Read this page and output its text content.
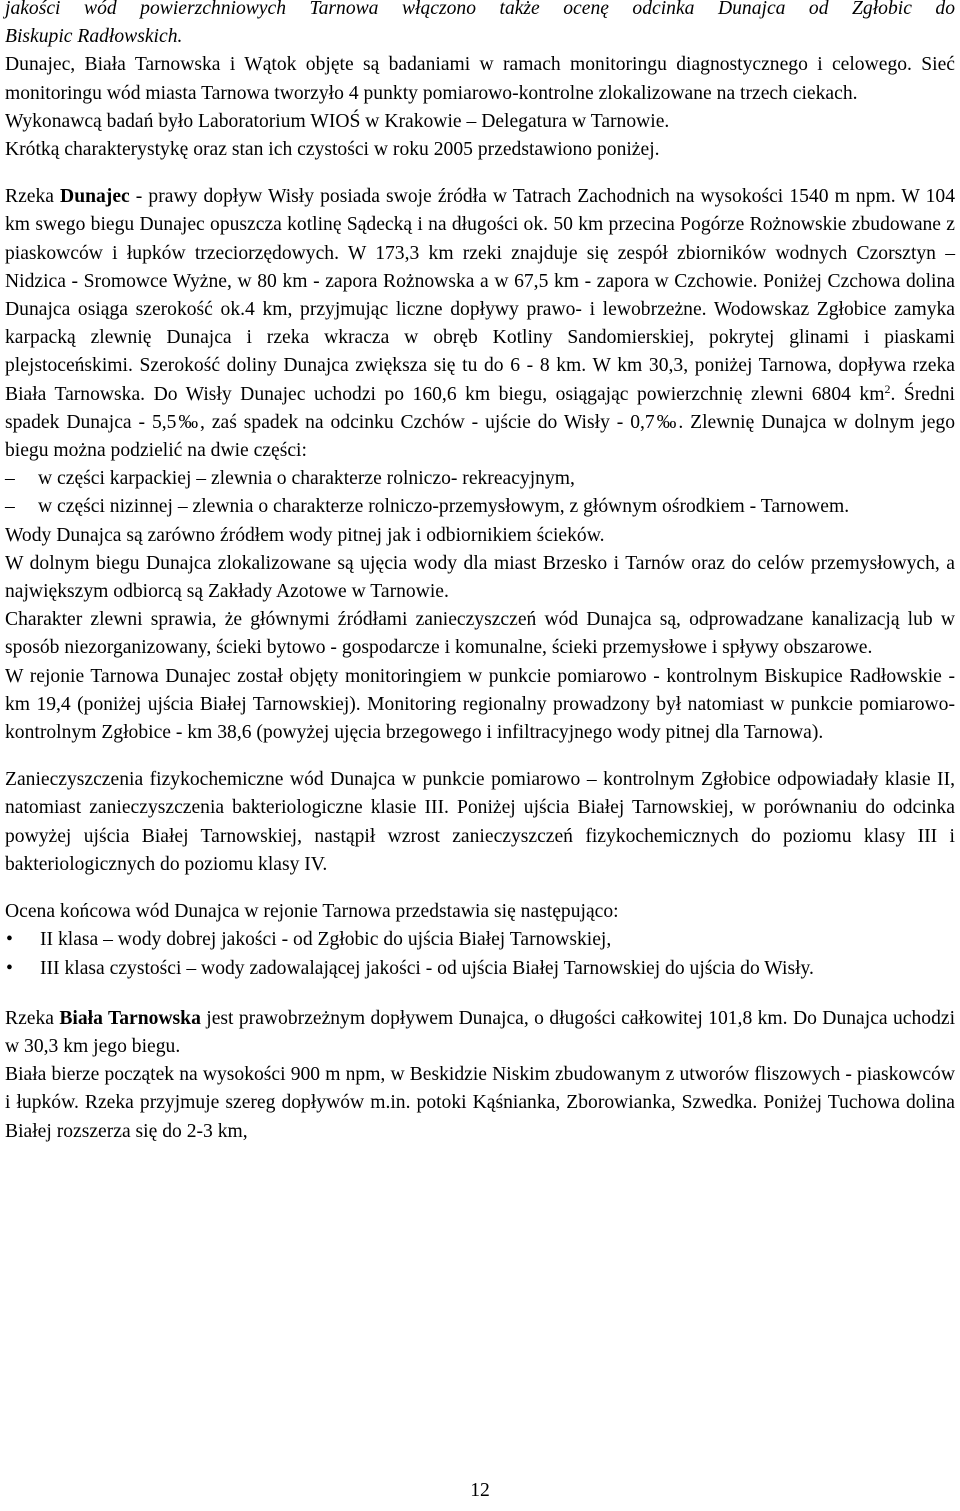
jakości wód powierzchniowych Tarnowa włączono także ocenę odcinka Dunajca od Zgłobic do

Biskupic Radłowskich.

Dunajec, Biała Tarnowska i Wątok objęte są badaniami w ramach monitoringu diagnostycznego i celowego. Sieć monitoringu wód miasta Tarnowa tworzyło 4 punkty pomiarowo-kontrolne zlokalizowane na trzech ciekach.

Wykonawcą badań było Laboratorium WIOŚ w Krakowie – Delegatura w Tarnowie.

Krótką charakterystykę oraz stan ich czystości w roku 2005 przedstawiono poniżej.

Rzeka Dunajec - prawy dopływ Wisły posiada swoje źródła w Tatrach Zachodnich na wysokości 1540 m npm. W 104 km swego biegu Dunajec opuszcza kotlinę Sądecką i na długości ok. 50 km przecina Pogórze Rożnowskie zbudowane z piaskowców i łupków trzeciorzędowych. W 173,3 km rzeki znajduje się zespół zbiorników wodnych Czorsztyn – Nidzica - Sromowce Wyżne, w 80 km - zapora Rożnowska a w 67,5 km - zapora w Czchowie. Poniżej Czchowa dolina Dunajca osiąga szerokość ok.4 km, przyjmując liczne dopływy prawo- i lewobrzeżne. Wodowskaz Zgłobice zamyka karpacką zlewnię Dunajca i rzeka wkracza w obręb Kotliny Sandomierskiej, pokrytej glinami i piaskami plejstoceńskimi. Szerokość doliny Dunajca zwiększa się tu do 6 - 8 km. W km 30,3, poniżej Tarnowa, dopływa rzeka Biała Tarnowska. Do Wisły Dunajec uchodzi po 160,6 km biegu, osiągając powierzchnię zlewni 6804 $km^2$. Średni spadek Dunajca - 5,5‰, zaś spadek na odcinku Czchów - ujście do Wisły - 0,7‰. Zlewnię Dunajca w dolnym jego biegu można podzielić na dwie części:

– w części karpackiej – zlewnia o charakterze rolniczo- rekreacyjnym,
– w części nizinnej – zlewnia o charakterze rolniczo-przemysłowym, z głównym ośrodkiem - Tarnowem.

Wody Dunajca są zarówno źródłem wody pitnej jak i odbiornikiem ścieków.

W dolnym biegu Dunajca zlokalizowane są ujęcia wody dla miast Brzesko i Tarnów oraz do celów przemysłowych, a największym odbiorcą są Zakłady Azotowe w Tarnowie.

Charakter zlewni sprawia, że głównymi źródłami zanieczyszczeń wód Dunajca są, odprowadzane kanalizacją lub w sposób niezorganizowany, ścieki bytowo - gospodarcze i komunalne, ścieki przemysłowe i spływy obszarowe.

W rejonie Tarnowa Dunajec został objęty monitoringiem w punkcie pomiarowo - kontrolnym Biskupice Radłowskie - km 19,4 (poniżej ujścia Białej Tarnowskiej). Monitoring regionalny prowadzony był natomiast w punkcie pomiarowo-kontrolnym Zgłobice - km 38,6 (powyżej ujęcia brzegowego i infiltracyjnego wody pitnej dla Tarnowa).

Zanieczyszczenia fizykochemiczne wód Dunajca w punkcie pomiarowo – kontrolnym Zgłobice odpowiadały klasie II, natomiast zanieczyszczenia bakteriologiczne klasie III. Poniżej ujścia Białej Tarnowskiej, w porównaniu do odcinka powyżej ujścia Białej Tarnowskiej, nastąpił wzrost zanieczyszczeń fizykochemicznych do poziomu klasy III i bakteriologicznych do poziomu klasy IV.

Ocena końcowa wód Dunajca w rejonie Tarnowa przedstawia się następująco:

• II klasa – wody dobrej jakości - od Zgłobic do ujścia Białej Tarnowskiej,
• III klasa czystości – wody zadowalającej jakości - od ujścia Białej Tarnowskiej do ujścia do Wisły.

Rzeka Biała Tarnowska jest prawobrzeżnym dopływem Dunajca, o długości całkowitej 101,8 km. Do Dunajca uchodzi w 30,3 km jego biegu.

Biała bierze początek na wysokości 900 m npm, w Beskidzie Niskim zbudowanym z utworów fliszowych - piaskowców i łupków. Rzeka przyjmuje szereg dopływów m.in. potoki Kąśnianka, Zborowianka, Szwedka. Poniżej Tuchowa dolina Białej rozszerza się do 2-3 km,

12
